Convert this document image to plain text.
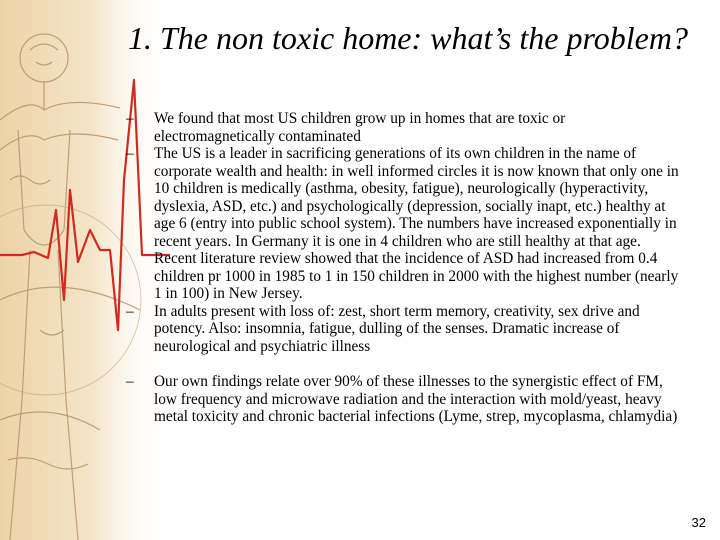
1. The non toxic home: what’s the problem?
– We found that most US children grow up in homes that are toxic or electromagnetically contaminated
– The US is a leader in sacrificing generations of its own children in the name of corporate wealth and health: in well informed circles it is now known that only one in 10 children is medically (asthma, obesity, fatigue), neurologically (hyperactivity, dyslexia, ASD, etc.) and psychologically (depression, socially inapt, etc.) healthy at age 6 (entry into public school system). The numbers have increased exponentially in recent years. In Germany it is one in 4 children who are still healthy at that age. Recent literature review showed that the incidence of ASD had increased from 0.4 children pr 1000 in 1985 to 1 in 150 children in 2000 with the highest number (nearly 1 in 100) in New Jersey.
– In adults present with loss of: zest, short term memory, creativity, sex drive and potency. Also: insomnia, fatigue, dulling of the senses. Dramatic increase of neurological and psychiatric illness
– Our own findings relate over 90% of these illnesses to the synergistic effect of FM, low frequency and microwave radiation and the interaction with mold/yeast, heavy metal toxicity and chronic bacterial infections (Lyme, strep, mycoplasma, chlamydia)

32
